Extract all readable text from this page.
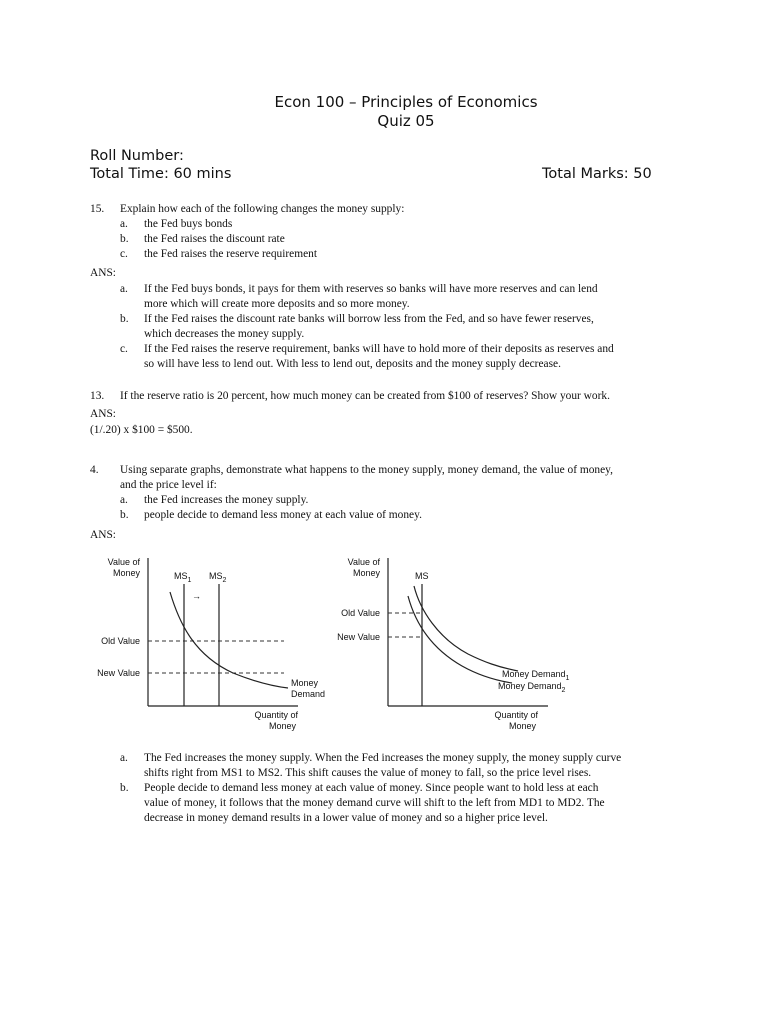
Econ 100 – Principles of Economics
Quiz 05
Roll Number:
Total Time: 60 mins	Total Marks: 50
15. Explain how each of the following changes the money supply:
a. the Fed buys bonds
b. the Fed raises the discount rate
c. the Fed raises the reserve requirement
ANS:
a. If the Fed buys bonds, it pays for them with reserves so banks will have more reserves and can lend
more which will create more deposits and so more money.
b. If the Fed raises the discount rate banks will borrow less from the Fed, and so have fewer reserves,
which decreases the money supply.
c. If the Fed raises the reserve requirement, banks will have to hold more of their deposits as reserves and
so will have less to lend out. With less to lend out, deposits and the money supply decrease.
13. If the reserve ratio is 20 percent, how much money can be created from $100 of reserves? Show your work.
ANS:
(1/.20) x $100 = $500.
4. Using separate graphs, demonstrate what happens to the money supply, money demand, the value of money,
and the price level if:
a. the Fed increases the money supply.
b. people decide to demand less money at each value of money.
ANS:
Value of
Money
Old Value
New Value
$MS_1$ $MS_2$
→
Money
Demand
Quantity of
Money
Value of
Money
Old Value
New Value
MS
Money Demand$_1$
Money Demand$_2$
Quantity of
Money
a. The Fed increases the money supply. When the Fed increases the money supply, the money supply curve
shifts right from MS1 to MS2. This shift causes the value of money to fall, so the price level rises.
b. People decide to demand less money at each value of money. Since people want to hold less at each
value of money, it follows that the money demand curve will shift to the left from MD1 to MD2. The
decrease in money demand results in a lower value of money and so a higher price level.
